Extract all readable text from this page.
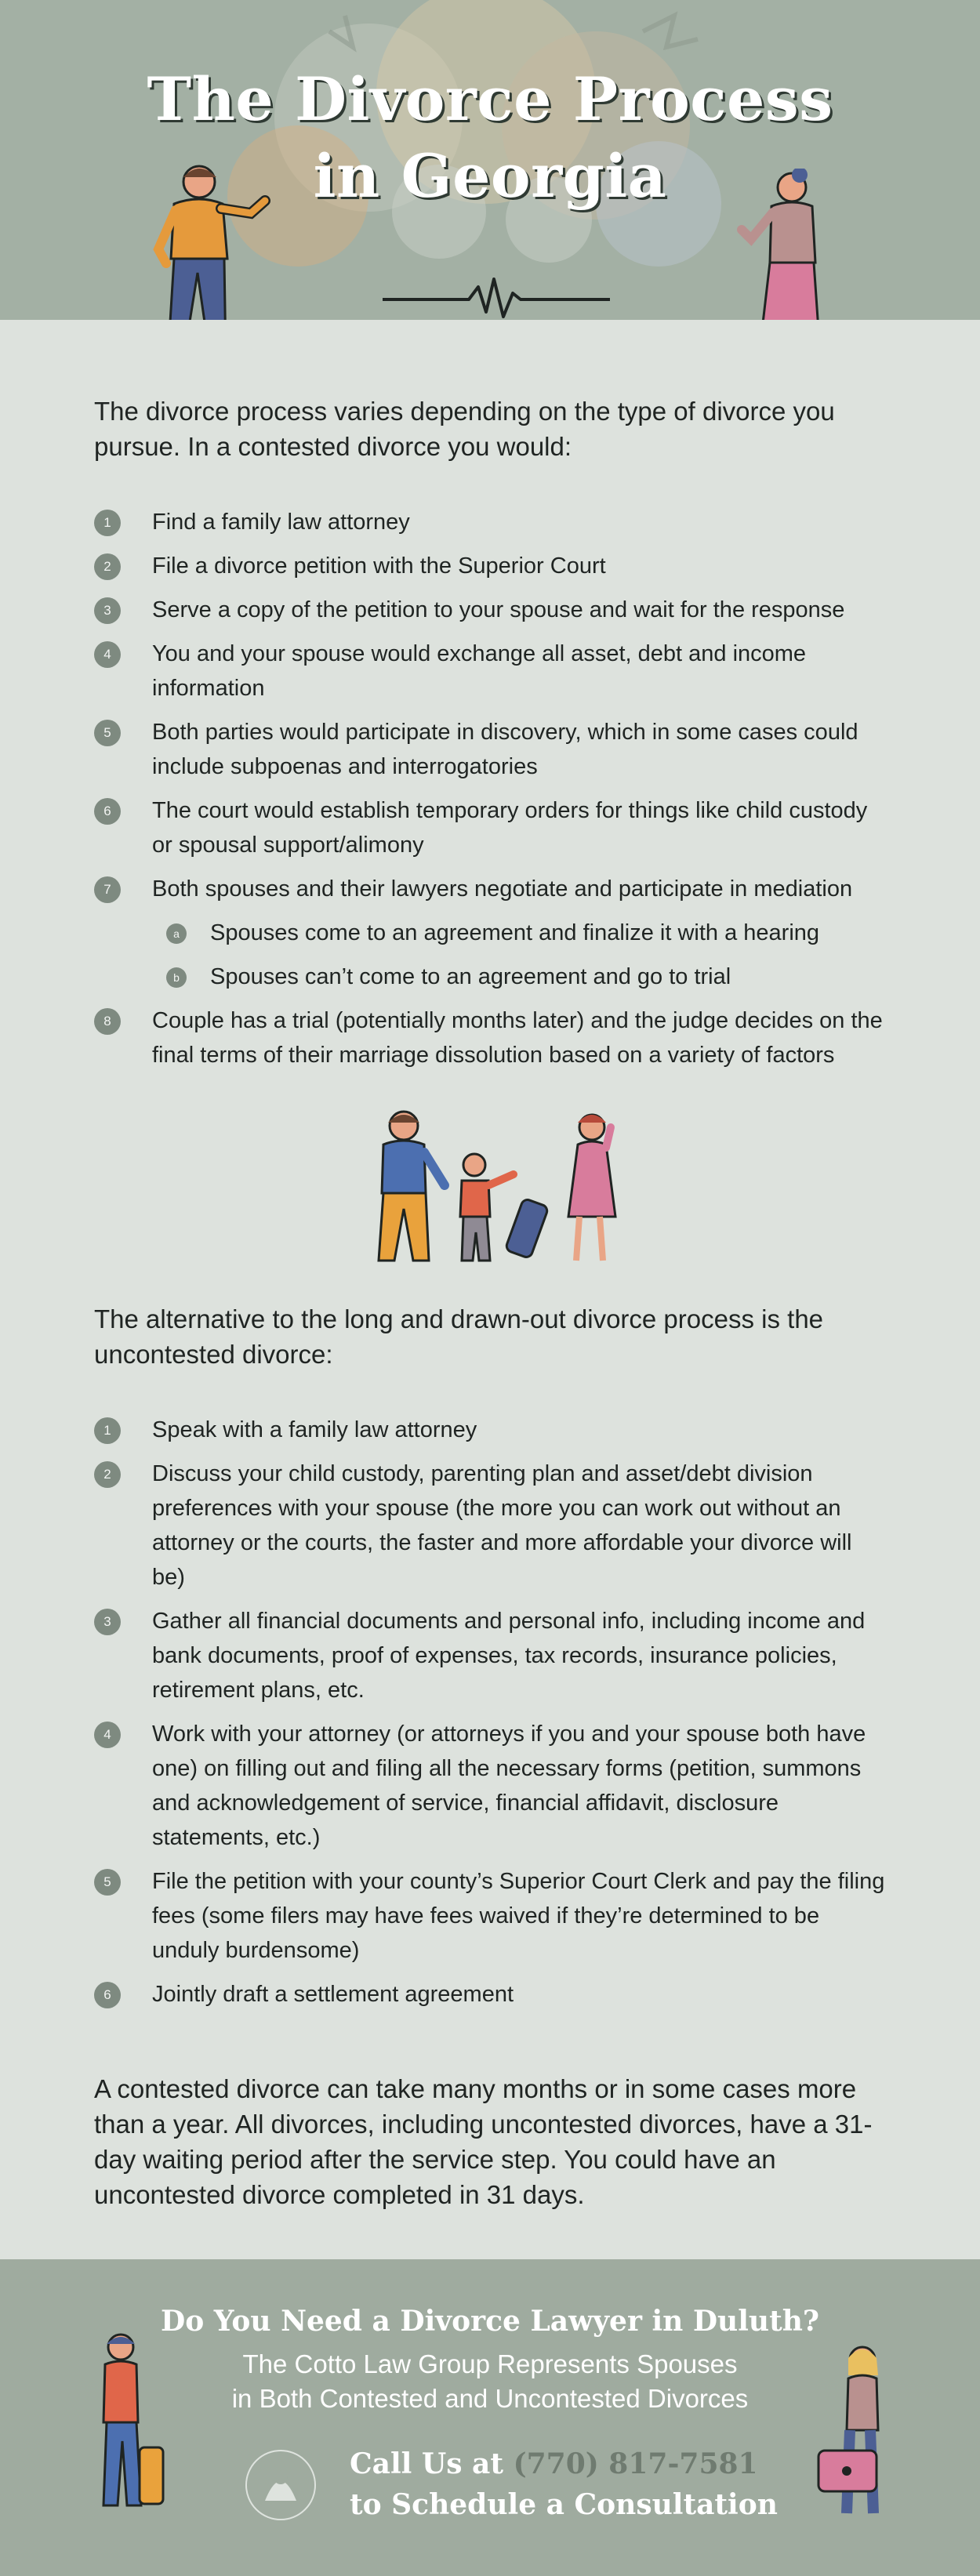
The Divorce Process
in Georgia

The divorce process varies depending on the type of divorce you pursue. In a contested divorce you would:

1	Find a family law attorney
2	File a divorce petition with the Superior Court
3	Serve a copy of the petition to your spouse and wait for the response
4	You and your spouse would exchange all asset, debt and income information
5	Both parties would participate in discovery, which in some cases could include subpoenas and interrogatories
6	The court would establish temporary orders for things like child custody or spousal support/alimony
7	Both spouses and their lawyers negotiate and participate in mediation
a	Spouses come to an agreement and finalize it with a hearing
b	Spouses can’t come to an agreement and go to trial
8	Couple has a trial (potentially months later) and the judge decides on the final terms of their marriage dissolution based on a variety of factors

The alternative to the long and drawn-out divorce process is the uncontested divorce:

1	Speak with a family law attorney
2	Discuss your child custody, parenting plan and asset/debt division preferences with your spouse (the more you can work out without an attorney or the courts, the faster and more affordable your divorce will be)
3	Gather all financial documents and personal info, including income and bank documents, proof of expenses, tax records, insurance policies, retirement plans, etc.
4	Work with your attorney (or attorneys if you and your spouse both have one) on filling out and filing all the necessary forms (petition, summons and acknowledgement of service, financial affidavit, disclosure statements, etc.)
5	File the petition with your county’s Superior Court Clerk and pay the filing fees (some filers may have fees waived if they’re determined to be unduly burdensome)
6	Jointly draft a settlement agreement

A contested divorce can take many months or in some cases more than a year. All divorces, including uncontested divorces, have a 31-day waiting period after the service step. You could have an uncontested divorce completed in 31 days.

Do You Need a Divorce Lawyer in Duluth?
The Cotto Law Group Represents Spouses
in Both Contested and Uncontested Divorces
Call Us at (770) 817-7581
to Schedule a Consultation
